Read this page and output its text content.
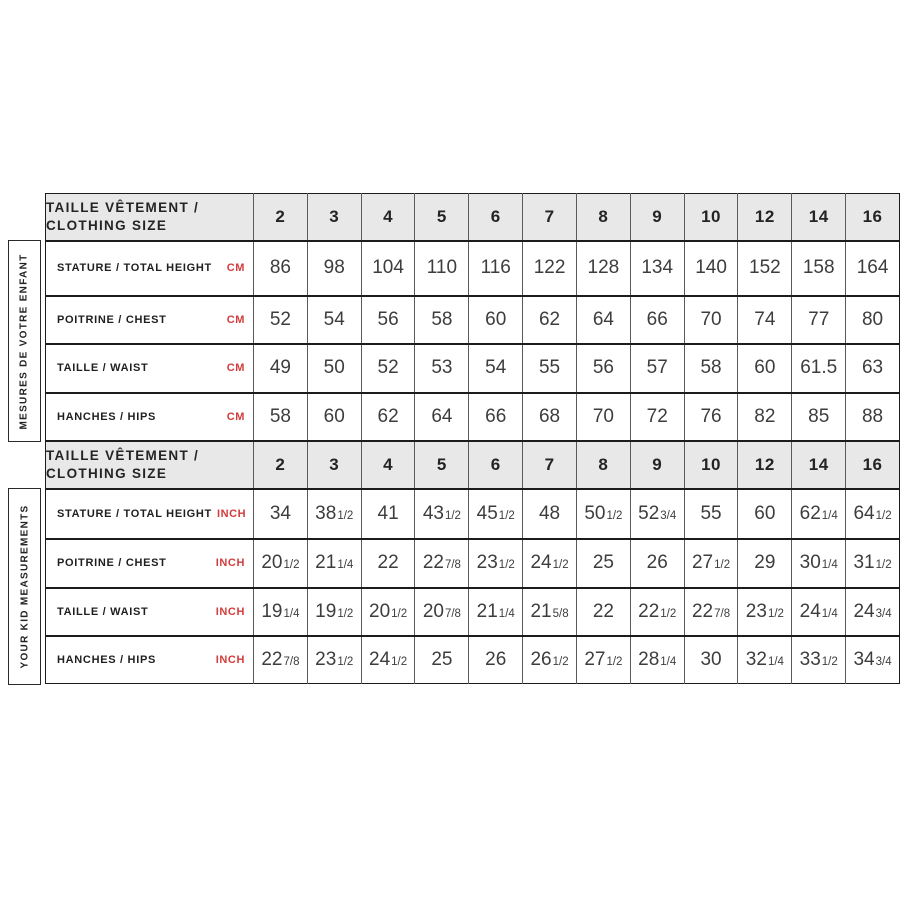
MESURES DE VOTRE ENFANT
YOUR KID MEASUREMENTS
TAILLE VÊTEMENT /
CLOTHING SIZE	2	3	4	5	6	7	8	9	10	12	14	16

STATURE / TOTAL HEIGHT CM	86	98	104	110	116	122	128	134	140	152	158	164

POITRINE / CHEST CM	52	54	56	58	60	62	64	66	70	74	77	80

TAILLE / WAIST CM	49	50	52	53	54	55	56	57	58	60	61.5	63

HANCHES / HIPS CM	58	60	62	64	66	68	70	72	76	82	85	88

TAILLE VÊTEMENT /
CLOTHING SIZE	2	3	4	5	6	7	8	9	10	12	14	16

STATURE / TOTAL HEIGHT INCH	34	381/2	41	431/2	451/2	48	501/2	523/4	55	60	621/4	641/2

POITRINE / CHEST INCH	201/2	211/4	22	227/8	231/2	241/2	25	26	271/2	29	301/4	311/2

TAILLE / WAIST INCH	191/4	191/2	201/2	207/8	211/4	215/8	22	221/2	227/8	231/2	241/4	243/4

HANCHES / HIPS INCH	227/8	231/2	241/2	25	26	261/2	271/2	281/4	30	321/4	331/2	343/4
